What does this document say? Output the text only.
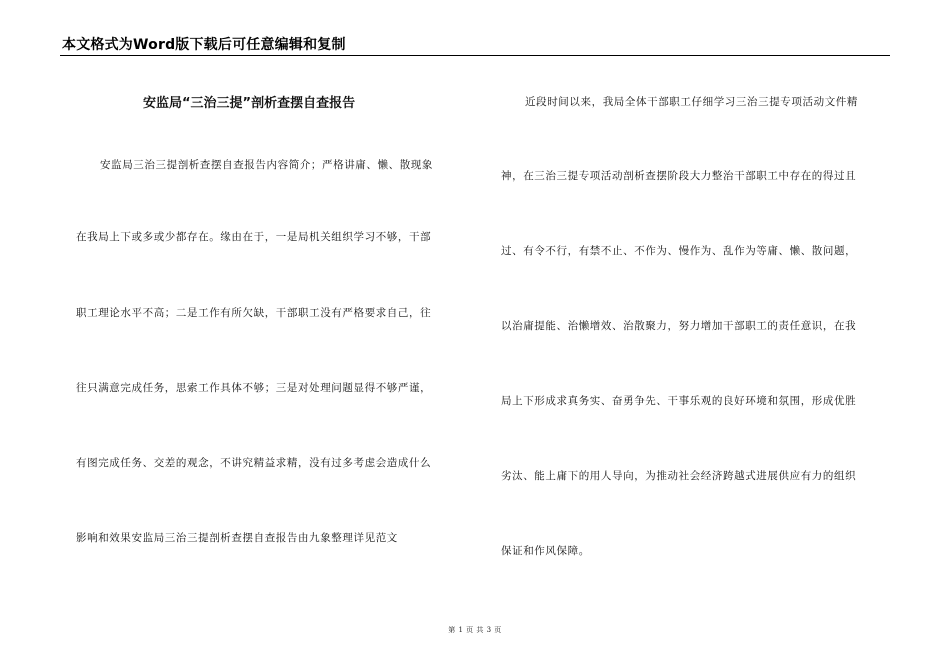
本文格式为Word版下载后可任意编辑和复制
安监局“三治三提”剖析查摆自查报告
安监局三治三提剖析查摆自查报告内容简介；严格讲庸、懒、散现象
在我局上下或多或少都存在。缘由在于，一是局机关组织学习不够，干部
职工理论水平不高；二是工作有所欠缺，干部职工没有严格要求自己，往
往只满意完成任务，思索工作具体不够；三是对处理问题显得不够严谨，
有图完成任务、交差的观念，不讲究精益求精，没有过多考虑会造成什么
影响和效果安监局三治三提剖析查摆自查报告由九象整理详见范文
近段时间以来，我局全体干部职工仔细学习三治三提专项活动文件精
神，在三治三提专项活动剖析查摆阶段大力整治干部职工中存在的得过且
过、有令不行，有禁不止、不作为、慢作为、乱作为等庸、懒、散问题，
以治庸提能、治懒增效、治散聚力，努力增加干部职工的责任意识，在我
局上下形成求真务实、奋勇争先、干事乐观的良好环境和氛围，形成优胜
劣汰、能上庸下的用人导向，为推动社会经济跨越式进展供应有力的组织
保证和作风保障。
第 1 页 共 3 页
